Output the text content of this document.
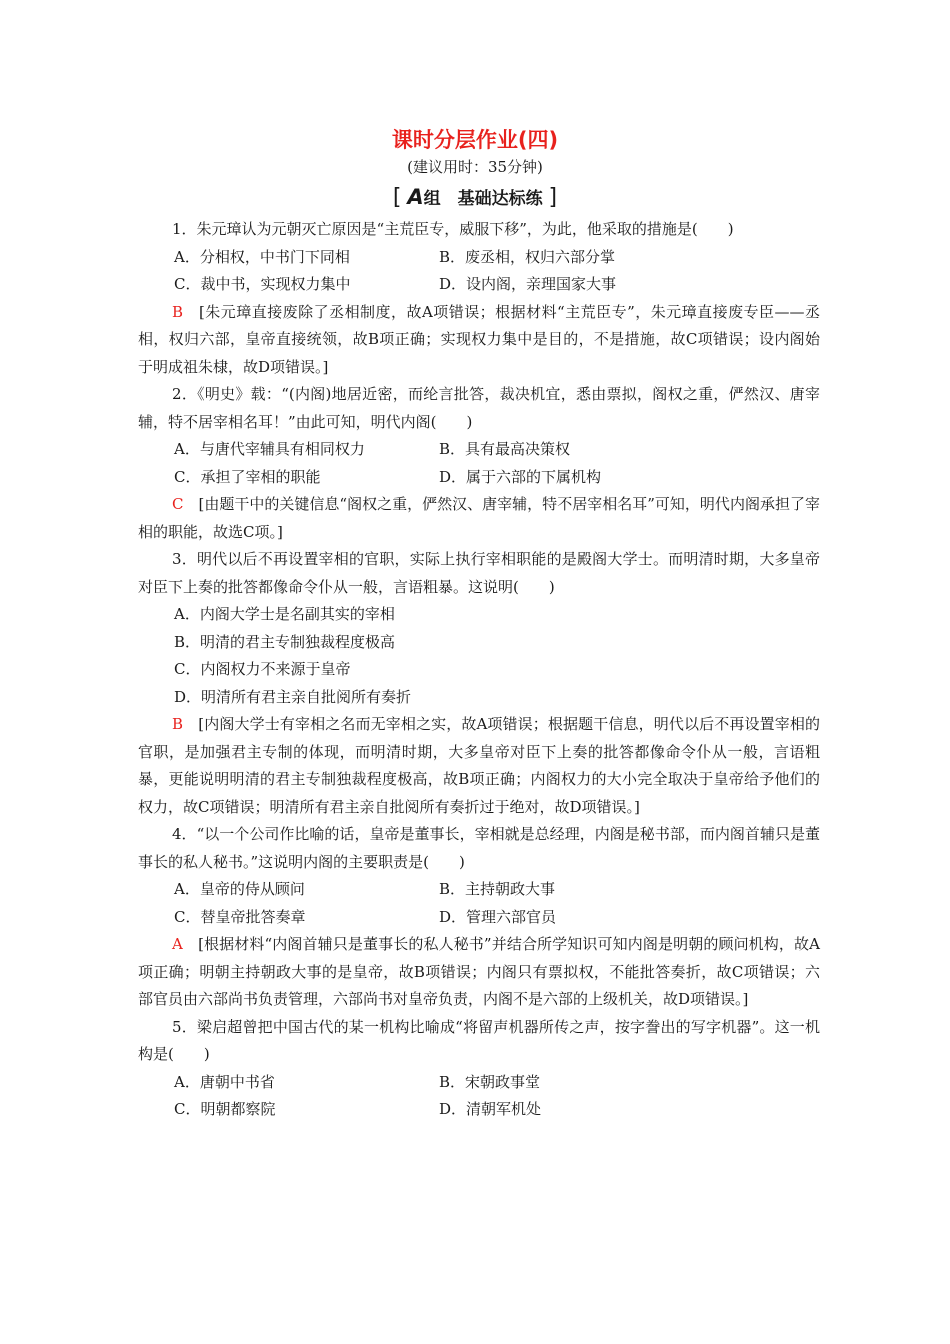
课时分层作业(四)
(建议用时：35分钟)
[ A组　基础达标练 ]

1．朱元璋认为元朝灭亡原因是“主荒臣专，威服下移”，为此，他采取的措施是(　　)

A．分相权，中书门下同相	B．废丞相，权归六部分掌
C．裁中书，实现权力集中	D．设内阁，亲理国家大事

B　 [朱元璋直接废除了丞相制度，故A项错误；根据材料“主荒臣专”，朱元璋直接废专臣——丞相，权归六部，皇帝直接统领，故B项正确；实现权力集中是目的，不是措施，故C项错误；设内阁始于明成祖朱棣，故D项错误。]

2．《明史》载：“(内阁)地居近密，而纶言批答，裁决机宜，悉由票拟，阁权之重，俨然汉、唐宰辅，特不居宰相名耳！”由此可知，明代内阁(　　)

A．与唐代宰辅具有相同权力	B．具有最高决策权
C．承担了宰相的职能	D．属于六部的下属机构

C　 [由题干中的关键信息“阁权之重，俨然汉、唐宰辅，特不居宰相名耳”可知，明代内阁承担了宰相的职能，故选C项。]

3．明代以后不再设置宰相的官职，实际上执行宰相职能的是殿阁大学士。而明清时期，大多皇帝对臣下上奏的批答都像命令仆从一般，言语粗暴。这说明(　　)

A．内阁大学士是名副其实的宰相

B．明清的君主专制独裁程度极高

C．内阁权力不来源于皇帝

D．明清所有君主亲自批阅所有奏折

B　 [内阁大学士有宰相之名而无宰相之实，故A项错误；根据题干信息，明代以后不再设置宰相的官职，是加强君主专制的体现，而明清时期，大多皇帝对臣下上奏的批答都像命令仆从一般，言语粗暴，更能说明明清的君主专制独裁程度极高，故B项正确；内阁权力的大小完全取决于皇帝给予他们的权力，故C项错误；明清所有君主亲自批阅所有奏折过于绝对，故D项错误。]

4．“以一个公司作比喻的话，皇帝是董事长，宰相就是总经理，内阁是秘书部，而内阁首辅只是董事长的私人秘书。”这说明内阁的主要职责是(　　)

A．皇帝的侍从顾问	B．主持朝政大事
C．替皇帝批答奏章	D．管理六部官员

A　 [根据材料“内阁首辅只是董事长的私人秘书”并结合所学知识可知内阁是明朝的顾问机构，故A项正确；明朝主持朝政大事的是皇帝，故B项错误；内阁只有票拟权，不能批答奏折，故C项错误；六部官员由六部尚书负责管理，六部尚书对皇帝负责，内阁不是六部的上级机关，故D项错误。]

5．梁启超曾把中国古代的某一机构比喻成“将留声机器所传之声，按字誊出的写字机器”。这一机构是(　　)

A．唐朝中书省	B．宋朝政事堂
C．明朝都察院	D．清朝军机处
